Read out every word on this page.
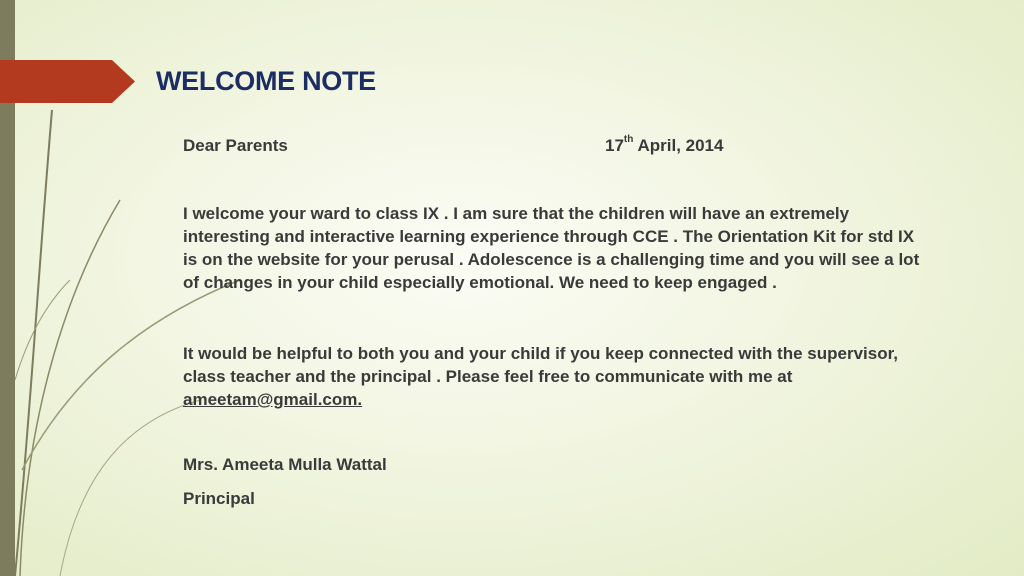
WELCOME NOTE
Dear Parents	17th April, 2014
I welcome your ward to class IX . I am sure that the children will have an extremely interesting and interactive learning experience through CCE . The Orientation Kit for std IX is on the website for your perusal . Adolescence is a challenging time and you will see a lot of changes in your child especially emotional. We need to keep engaged .
It would be helpful to both you and your child if you keep connected with the supervisor, class teacher and the principal . Please feel free to communicate with me at ameetam@gmail.com.
Mrs. Ameeta Mulla Wattal
Principal
